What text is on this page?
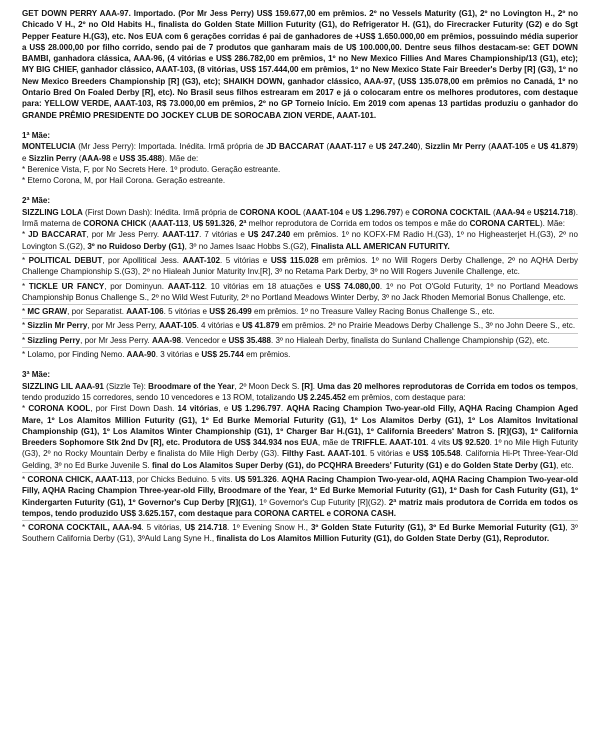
GET DOWN PERRY AAA-97. Importado. (Por Mr Jess Perry) US$ 159.677,00 em prêmios. 2º no Vessels Maturity (G1), 2º no Lovington H., 2º no Chicado V H., 2º no Old Habits H., finalista do Golden State Million Futurity (G1), do Refrigerator H. (G1), do Firecracker Futurity (G2) e do Sgt Pepper Feature H.(G3), etc. Nos EUA com 6 gerações corridas é pai de ganhadores de +US$ 1.650.000,00 em prêmios, possuindo média superior a US$ 28.000,00 por filho corrido, sendo pai de 7 produtos que ganharam mais de U$ 100.000,00. Dentre seus filhos destacam-se: GET DOWN BAMBI, ganhadora clássica, AAA-96, (4 vitórias e US$ 286.782,00 em prêmios, 1º no New Mexico Fillies And Mares Championship/13 (G1), etc); MY BIG CHIEF, ganhador clássico, AAAT-103, (8 vitórias, US$ 157.444,00 em prêmios, 1º no New Mexico State Fair Breeder's Derby [R] (G3), 1º no New Mexico Breeders Championship [R] (G3), etc); SHAIKH DOWN, ganhador clássico, AAA-97, (US$ 135.078,00 em prêmios no Canadá, 1º no Ontario Bred On Foaled Derby [R], etc). No Brasil seus filhos estrearam em 2017 e já o colocaram entre os melhores produtores, com destaque para: YELLOW VERDE, AAAT-103, R$ 73.000,00 em prêmios, 2º no GP Torneio Início. Em 2019 com apenas 13 partidas produziu o ganhador do GRANDE PRÊMIO PRESIDENTE DO JOCKEY CLUB DE SOROCABA ZION VERDE, AAAT-101.

1ª Mãe:

MONTELUCIA (Mr Jess Perry): Importada. Inédita. Irmã própria de JD BACCARAT (AAAT-117 e U$ 247.240), Sizzlin Mr Perry (AAAT-105 e U$ 41.879) e Sizzlin Perry (AAA-98 e US$ 35.488). Mãe de:

* Berenice Vista, F, por No Secrets Here. 1º produto. Geração estreante.

* Eterno Corona, M, por Hail Corona. Geração estreante.

2ª Mãe:

SIZZLING LOLA (First Down Dash): Inédita. Irmã própria de CORONA KOOL (AAAT-104 e U$ 1.296.797) e CORONA COCKTAIL (AAA-94 e U$214.718). Irmã materna de CORONA CHICK (AAAT-113, U$ 591.326, 2ª melhor reprodutora de Corrida em todos os tempos e mãe do CORONA CARTEL). Mãe:

* JD BACCARAT, por Mr Jess Perry. AAAT-117. 7 vitórias e U$ 247.240 em prêmios. 1º no KOFX-FM Radio H.(G3), 1º no Higheasterjet H.(G3), 2º no Lovington S.(G2), 3º no Ruidoso Derby (G1), 3º no James Isaac Hobbs S.(G2), Finalista ALL AMERICAN FUTURITY.

* POLITICAL DEBUT, por Apollitical Jess. AAAT-102. 5 vitórias e US$ 115.028 em prêmios. 1º no Will Rogers Derby Challenge, 2º no AQHA Derby Challenge Championship S.(G3), 2º no Hialeah Junior Maturity Inv.[R], 3º no Retama Park Derby, 3º no Will Rogers Juvenile Challenge, etc.

* TICKLE UR FANCY, por Dominyun. AAAT-112. 10 vitórias em 18 atuações e US$ 74.080,00. 1º no Pot O'Gold Futurity, 1º no Portland Meadows Championship Bonus Challenge S., 2º no Wild West Futurity, 2º no Portland Meadows Winter Derby, 3º no Jack Rhoden Memorial Bonus Challenge, etc.

* MC GRAW, por Separatist. AAAT-106. 5 vitórias e US$ 26.499 em prêmios. 1º no Treasure Valley Racing Bonus Challenge S., etc.

* Sizzlin Mr Perry, por Mr Jess Perry, AAAT-105. 4 vitórias e U$ 41.879 em prêmios. 2º no Prairie Meadows Derby Challenge S., 3º no John Deere S., etc.

* Sizzling Perry, por Mr Jess Perry. AAA-98. Vencedor e US$ 35.488. 3º no Hialeah Derby, finalista do Sunland Challenge Championship (G2), etc.

* Lolamo, por Finding Nemo. AAA-90. 3 vitórias e US$ 25.744 em prêmios.

3ª Mãe:

SIZZLING LIL AAA-91 (Sizzle Te): Broodmare of the Year, 2º Moon Deck S. [R]. Uma das 20 melhores reprodutoras de Corrida em todos os tempos, tendo produzido 15 corredores, sendo 10 vencedores e 13 ROM, totalizando U$ 2.245.452 em prêmios, com destaque para:

* CORONA KOOL, por First Down Dash. 14 vitórias, e U$ 1.296.797. AQHA Racing Champion Two-year-old Filly, AQHA Racing Champion Aged Mare, 1º Los Alamitos Million Futurity (G1), 1º Ed Burke Memorial Futurity (G1), 1º Los Alamitos Derby (G1), 1º Los Alamitos Invitational Championship (G1), 1º Los Alamitos Winter Championship (G1), 1º Charger Bar H.(G1), 1º California Breeders' Matron S. [R](G3), 1º California Breeders Sophomore Stk 2nd Dv [R], etc. Produtora de US$ 344.934 nos EUA, mãe de TRIFFLE. AAAT-101. 4 vits U$ 92.520. 1º no Mile High Futurity (G3), 2º no Rocky Mountain Derby e finalista do Mile High Derby (G3). Filthy Fast. AAAT-101. 5 vitórias e US$ 105.548. California Hi-Pt Three-Year-Old Gelding, 3º no Ed Burke Juvenile S. final do Los Alamitos Super Derby (G1), do PCQHRA Breeders' Futurity (G1) e do Golden State Derby (G1), etc.

* CORONA CHICK, AAAT-113, por Chicks Beduino. 5 vits. U$ 591.326. AQHA Racing Champion Two-year-old, AQHA Racing Champion Two-year-old Filly, AQHA Racing Champion Three-year-old Filly, Broodmare of the Year, 1º Ed Burke Memorial Futurity (G1), 1º Dash for Cash Futurity (G1), 1º Kindergarten Futurity (G1), 1º Governor's Cup Derby [R](G1), 1º Governor's Cup Futurity [R](G2). 2ª matriz mais produtora de Corrida em todos os tempos, tendo produzido US$ 3.625.157, com destaque para CORONA CARTEL e CORONA CASH.

* CORONA COCKTAIL, AAA-94. 5 vitórias, U$ 214.718. 1º Evening Snow H., 3º Golden State Futurity (G1), 3º Ed Burke Memorial Futurity (G1), 3º Southern California Derby (G1), 3ºAuld Lang Syne H., finalista do Los Alamitos Million Futurity (G1), do Golden State Derby (G1), Reprodutor.
